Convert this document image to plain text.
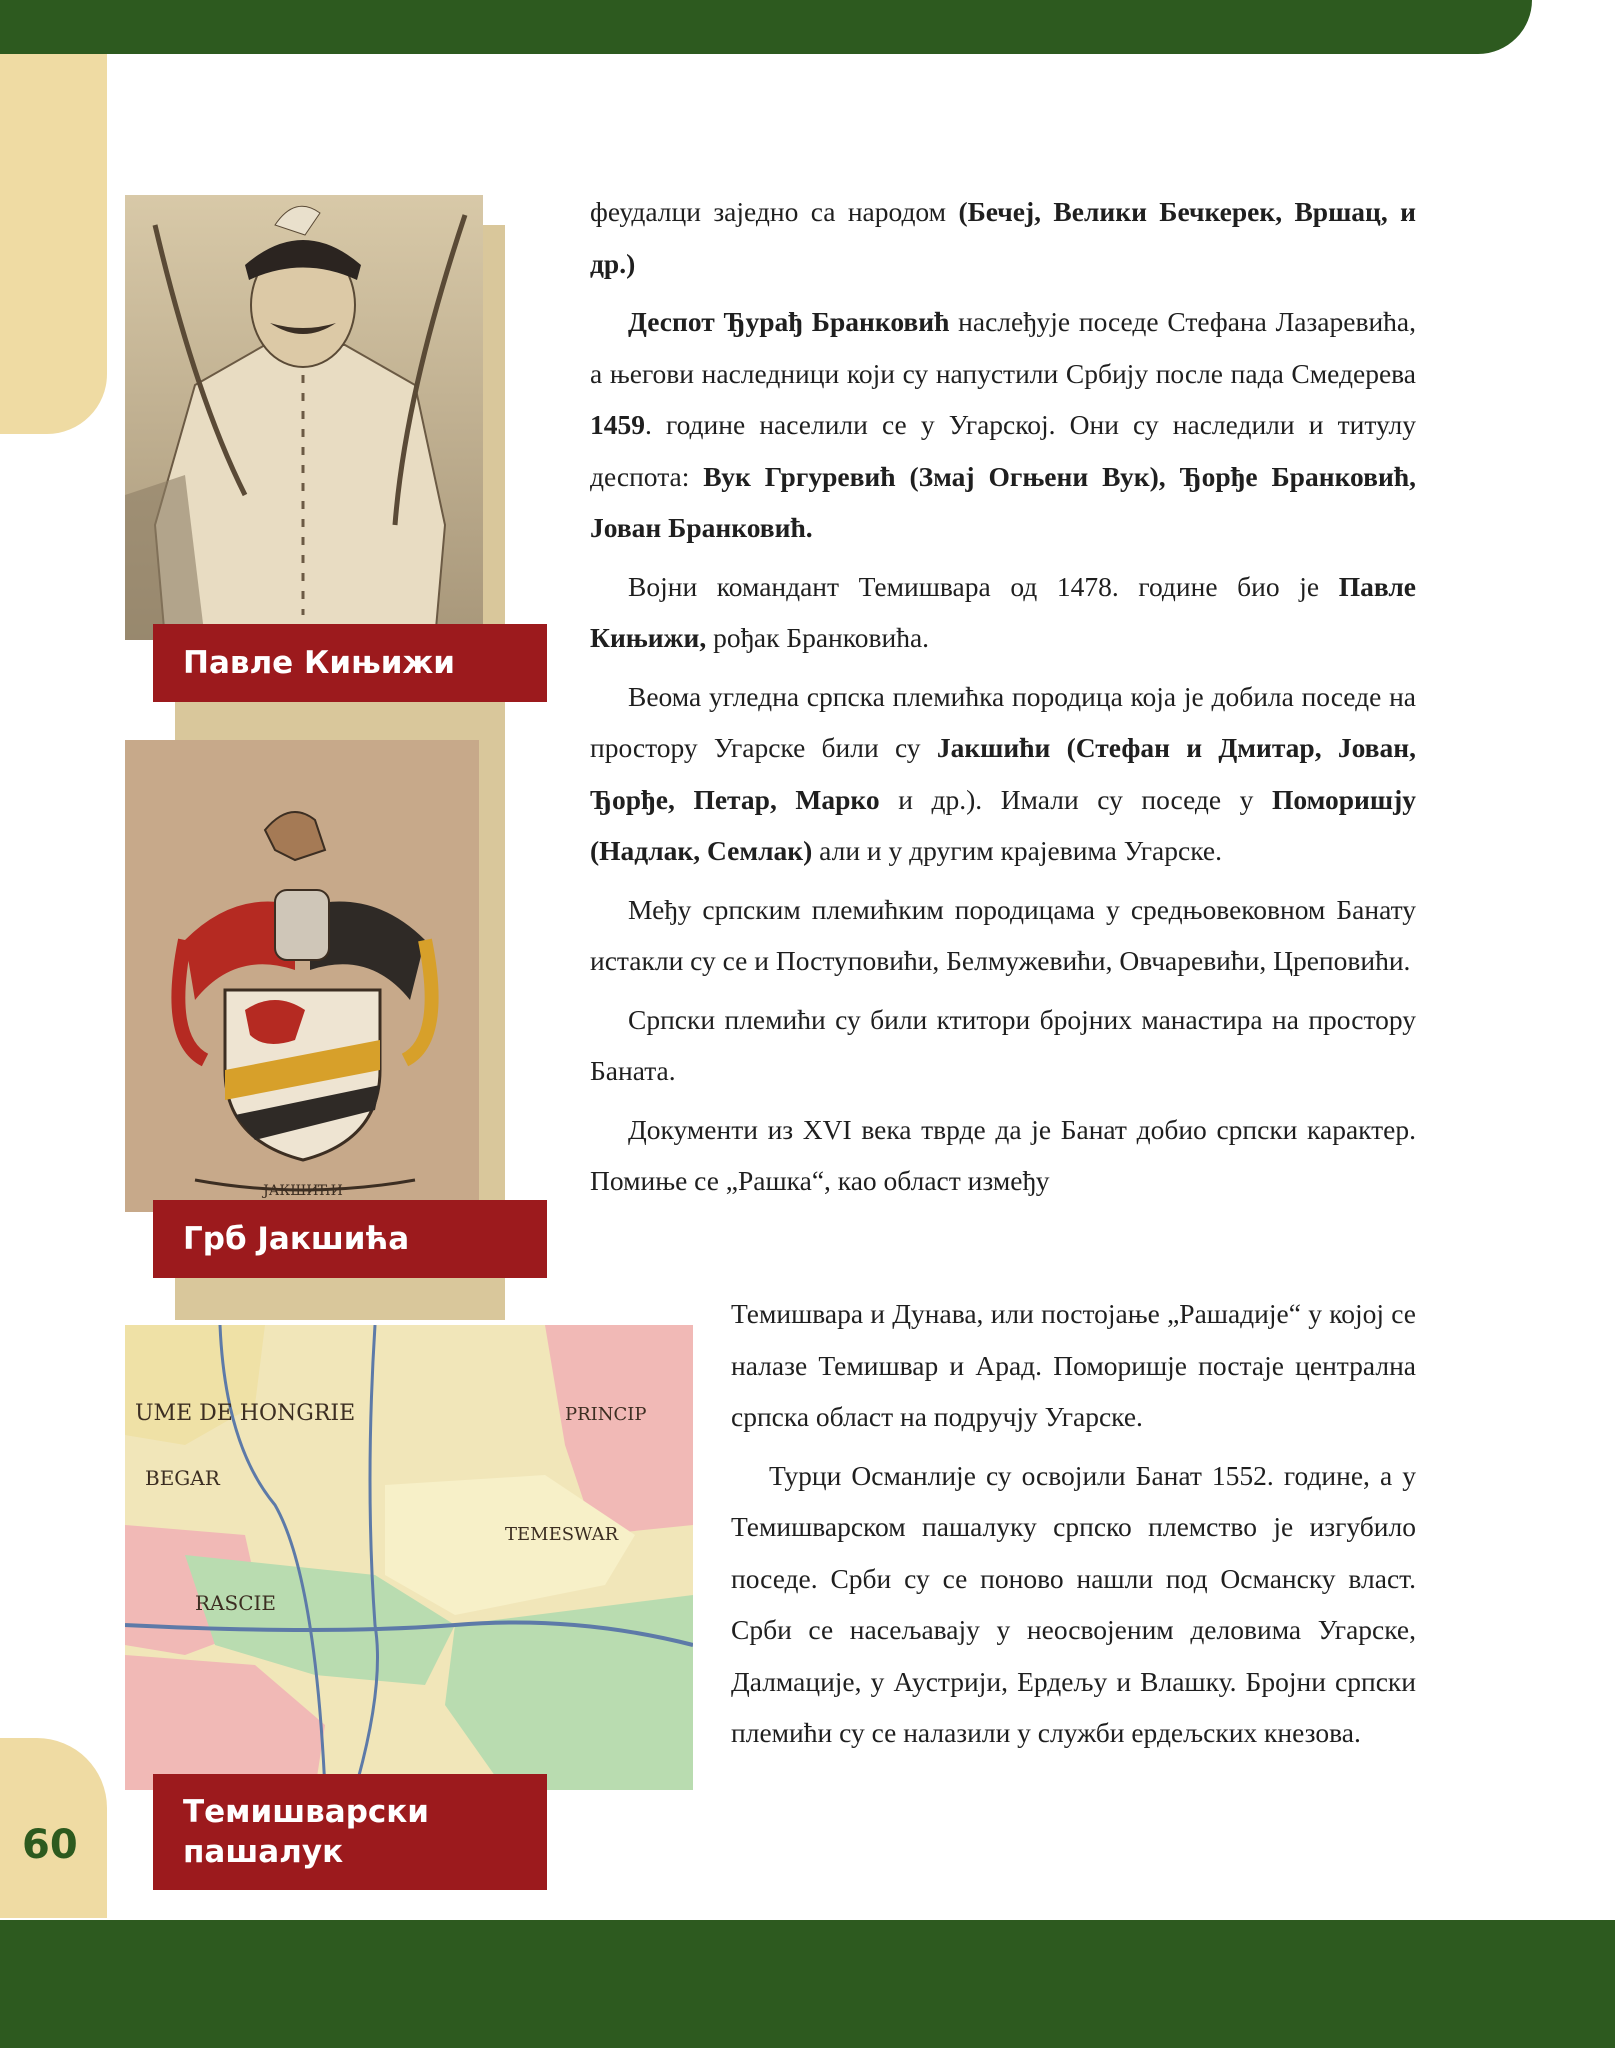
60
Павле Кињижи
ЈАКШИЋИ
Грб Јакшића
UME DE HONGRIE
BEGAR
RASCIE
TEMESWAR
PRINCIP
Темишварски пашалук

феудалци заједно са народом (Бечеј, Велики Бечкерек, Вршац, и др.)

Деспот Ђурађ Бранковић наслеђује поседе Стефана Лазаревића, а његови наследници који су напустили Србију после пада Смедерева 1459. године населили се у Угарској. Они су наследили и титулу деспота: Вук Гргуревић (Змај Огњени Вук), Ђорђе Бранковић, Јован Бранковић.

Војни командант Темишвара од 1478. године био је Павле Кињижи, рођак Бранковића.

Веома угледна српска племићка породица која је добила поседе на простору Угарске били су Јакшићи (Стефан и Дмитар, Јован, Ђорђе, Петар, Марко и др.). Имали су поседе у Поморишју (Надлак, Семлак) али и у другим крајевима Угарске.

Међу српским племићким породицама у средњовековном Банату истакли су се и Поступовићи, Белмужевићи, Овчаревићи, Црeповићи.

Српски племићи су били ктитори бројних манастира на простору Баната.

Документи из XVI века тврде да је Банат добио српски карактер. Помиње се „Рашка“, као област између

Темишвара и Дунава, или постојање „Рашадије“ у којој се налазе Темишвар и Арад. Поморишје постаје централна српска област на подручју Угарске.

Турци Османлије су освојили Банат 1552. године, а у Темишварском пашалуку српско племство је изгубило поседе. Срби су се поново нашли под Османску власт. Срби се насељавају у неосвојеним деловима Угарске, Далмације, у Аустрији, Ердељу и Влашку. Бројни српски племићи су се налазили у служби ердељских кнезова.
